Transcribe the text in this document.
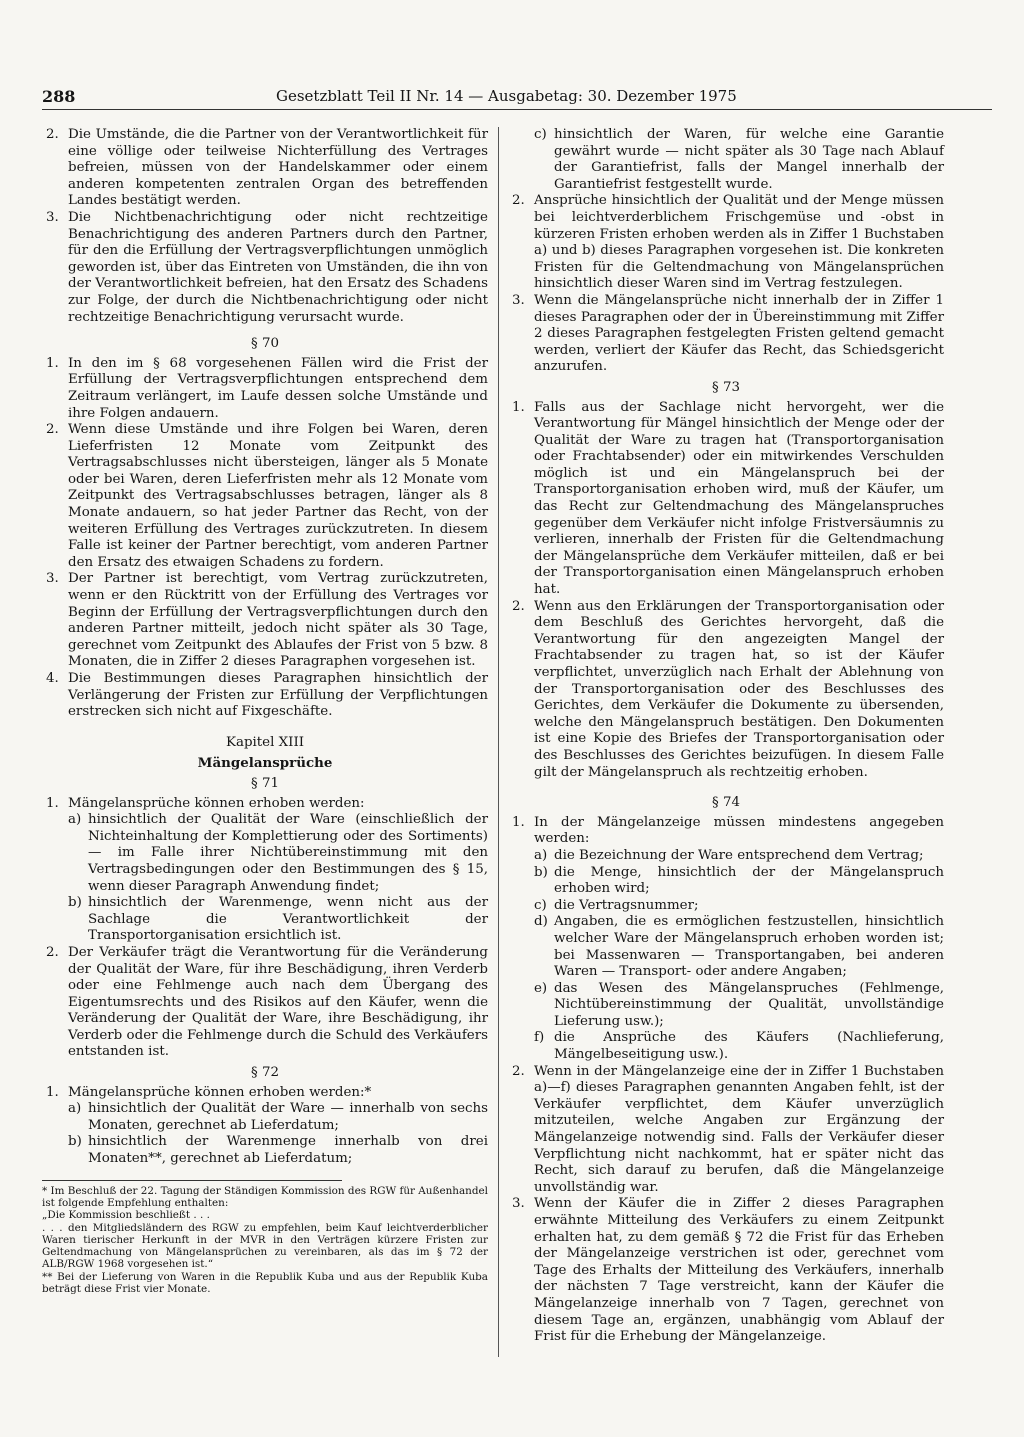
288	Gesetzblatt Teil II Nr. 14 — Ausgabetag: 30. Dezember 1975

2. Die Umstände, die die Partner von der Verantwortlichkeit für eine völlige oder teilweise Nichterfüllung des Vertrages befreien, müssen von der Handelskammer oder einem anderen kompetenten zentralen Organ des betreffenden Landes bestätigt werden.

3. Die Nichtbenachrichtigung oder nicht rechtzeitige Benachrichtigung des anderen Partners durch den Partner, für den die Erfüllung der Vertragsverpflichtungen unmöglich geworden ist, über das Eintreten von Umständen, die ihn von der Verantwortlichkeit befreien, hat den Ersatz des Schadens zur Folge, der durch die Nichtbenachrichtigung oder nicht rechtzeitige Benachrichtigung verursacht wurde.

§ 70

1. In den im § 68 vorgesehenen Fällen wird die Frist der Erfüllung der Vertragsverpflichtungen entsprechend dem Zeitraum verlängert, im Laufe dessen solche Umstände und ihre Folgen andauern.

2. Wenn diese Umstände und ihre Folgen bei Waren, deren Lieferfristen 12 Monate vom Zeitpunkt des Vertragsabschlusses nicht übersteigen, länger als 5 Monate oder bei Waren, deren Lieferfristen mehr als 12 Monate vom Zeitpunkt des Vertragsabschlusses betragen, länger als 8 Monate andauern, so hat jeder Partner das Recht, von der weiteren Erfüllung des Vertrages zurückzutreten. In diesem Falle ist keiner der Partner berechtigt, vom anderen Partner den Ersatz des etwaigen Schadens zu fordern.

3. Der Partner ist berechtigt, vom Vertrag zurückzutreten, wenn er den Rücktritt von der Erfüllung des Vertrages vor Beginn der Erfüllung der Vertragsverpflichtungen durch den anderen Partner mitteilt, jedoch nicht später als 30 Tage, gerechnet vom Zeitpunkt des Ablaufes der Frist von 5 bzw. 8 Monaten, die in Ziffer 2 dieses Paragraphen vorgesehen ist.

4. Die Bestimmungen dieses Paragraphen hinsichtlich der Verlängerung der Fristen zur Erfüllung der Verpflichtungen erstrecken sich nicht auf Fixgeschäfte.

Kapitel XIII
Mängelansprüche
§ 71

1. Mängelansprüche können erhoben werden:

a) hinsichtlich der Qualität der Ware (einschließlich der Nichteinhaltung der Komplettierung oder des Sortiments) — im Falle ihrer Nichtübereinstimmung mit den Vertragsbedingungen oder den Bestimmungen des § 15, wenn dieser Paragraph Anwendung findet;

b) hinsichtlich der Warenmenge, wenn nicht aus der Sachlage die Verantwortlichkeit der Transportorganisation ersichtlich ist.

2. Der Verkäufer trägt die Verantwortung für die Veränderung der Qualität der Ware, für ihre Beschädigung, ihren Verderb oder eine Fehlmenge auch nach dem Übergang des Eigentumsrechts und des Risikos auf den Käufer, wenn die Veränderung der Qualität der Ware, ihre Beschädigung, ihr Verderb oder die Fehlmenge durch die Schuld des Verkäufers entstanden ist.

§ 72

1. Mängelansprüche können erhoben werden:*

a) hinsichtlich der Qualität der Ware — innerhalb von sechs Monaten, gerechnet ab Lieferdatum;

b) hinsichtlich der Warenmenge innerhalb von drei Monaten**, gerechnet ab Lieferdatum;

* Im Beschluß der 22. Tagung der Ständigen Kommission des RGW für Außenhandel ist folgende Empfehlung enthalten:

„Die Kommission beschließt . . .

. . . den Mitgliedsländern des RGW zu empfehlen, beim Kauf leichtverderblicher Waren tierischer Herkunft in der MVR in den Verträgen kürzere Fristen zur Geltendmachung von Mängelansprüchen zu vereinbaren, als das im § 72 der ALB/RGW 1968 vorgesehen ist.“

** Bei der Lieferung von Waren in die Republik Kuba und aus der Republik Kuba beträgt diese Frist vier Monate.

c) hinsichtlich der Waren, für welche eine Garantie gewährt wurde — nicht später als 30 Tage nach Ablauf der Garantiefrist, falls der Mangel innerhalb der Garantiefrist festgestellt wurde.

2. Ansprüche hinsichtlich der Qualität und der Menge müssen bei leichtverderblichem Frischgemüse und -obst in kürzeren Fristen erhoben werden als in Ziffer 1 Buchstaben a) und b) dieses Paragraphen vorgesehen ist. Die konkreten Fristen für die Geltendmachung von Mängelansprüchen hinsichtlich dieser Waren sind im Vertrag festzulegen.

3. Wenn die Mängelansprüche nicht innerhalb der in Ziffer 1 dieses Paragraphen oder der in Übereinstimmung mit Ziffer 2 dieses Paragraphen festgelegten Fristen geltend gemacht werden, verliert der Käufer das Recht, das Schiedsgericht anzurufen.

§ 73

1. Falls aus der Sachlage nicht hervorgeht, wer die Verantwortung für Mängel hinsichtlich der Menge oder der Qualität der Ware zu tragen hat (Transportorganisation oder Frachtabsender) oder ein mitwirkendes Verschulden möglich ist und ein Mängelanspruch bei der Transportorganisation erhoben wird, muß der Käufer, um das Recht zur Geltendmachung des Mängelanspruches gegenüber dem Verkäufer nicht infolge Fristversäumnis zu verlieren, innerhalb der Fristen für die Geltendmachung der Mängelansprüche dem Verkäufer mitteilen, daß er bei der Transportorganisation einen Mängelanspruch erhoben hat.

2. Wenn aus den Erklärungen der Transportorganisation oder dem Beschluß des Gerichtes hervorgeht, daß die Verantwortung für den angezeigten Mangel der Frachtabsender zu tragen hat, so ist der Käufer verpflichtet, unverzüglich nach Erhalt der Ablehnung von der Transportorganisation oder des Beschlusses des Gerichtes, dem Verkäufer die Dokumente zu übersenden, welche den Mängelanspruch bestätigen. Den Dokumenten ist eine Kopie des Briefes der Transportorganisation oder des Beschlusses des Gerichtes beizufügen. In diesem Falle gilt der Mängelanspruch als rechtzeitig erhoben.

§ 74

1. In der Mängelanzeige müssen mindestens angegeben werden:

a) die Bezeichnung der Ware entsprechend dem Vertrag;

b) die Menge, hinsichtlich der der Mängelanspruch erhoben wird;

c) die Vertragsnummer;

d) Angaben, die es ermöglichen festzustellen, hinsichtlich welcher Ware der Mängelanspruch erhoben worden ist; bei Massenwaren — Transportangaben, bei anderen Waren — Transport- oder andere Angaben;

e) das Wesen des Mängelanspruches (Fehlmenge, Nichtübereinstimmung der Qualität, unvollständige Lieferung usw.);

f) die Ansprüche des Käufers (Nachlieferung, Mängelbeseitigung usw.).

2. Wenn in der Mängelanzeige eine der in Ziffer 1 Buchstaben a)—f) dieses Paragraphen genannten Angaben fehlt, ist der Verkäufer verpflichtet, dem Käufer unverzüglich mitzuteilen, welche Angaben zur Ergänzung der Mängelanzeige notwendig sind. Falls der Verkäufer dieser Verpflichtung nicht nachkommt, hat er später nicht das Recht, sich darauf zu berufen, daß die Mängelanzeige unvollständig war.

3. Wenn der Käufer die in Ziffer 2 dieses Paragraphen erwähnte Mitteilung des Verkäufers zu einem Zeitpunkt erhalten hat, zu dem gemäß § 72 die Frist für das Erheben der Mängelanzeige verstrichen ist oder, gerechnet vom Tage des Erhalts der Mitteilung des Verkäufers, innerhalb der nächsten 7 Tage verstreicht, kann der Käufer die Mängelanzeige innerhalb von 7 Tagen, gerechnet von diesem Tage an, ergänzen, unabhängig vom Ablauf der Frist für die Erhebung der Mängelanzeige.
